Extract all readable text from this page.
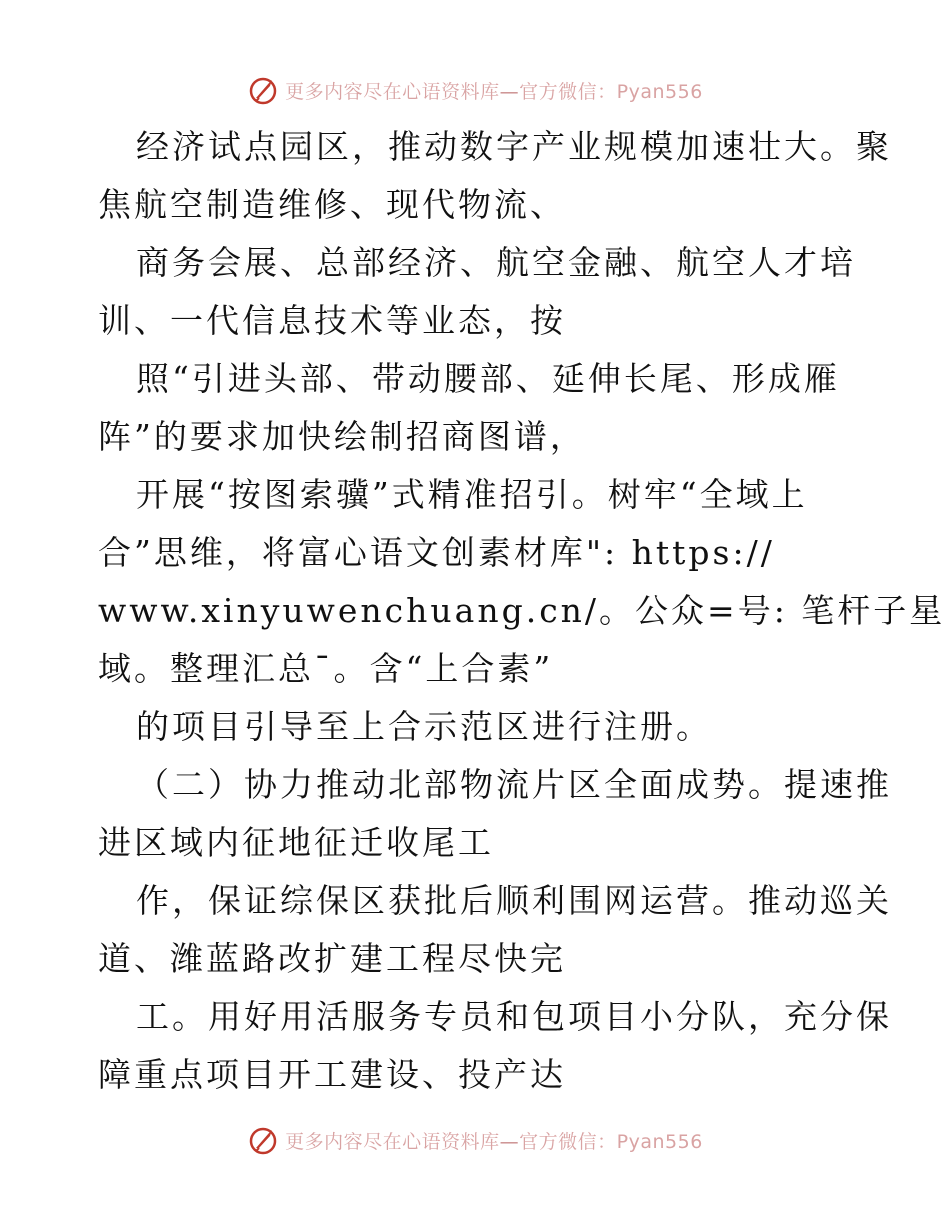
更多内容尽在心语资料库—官方微信：Pyan556
经济试点园区，推动数字产业规模加速壮大。聚
焦航空制造维修、现代物流、
商务会展、总部经济、航空金融、航空人才培
训、一代信息技术等业态，按
照“引进头部、带动腰部、延伸长尾、形成雁
阵”的要求加快绘制招商图谱，
开展“按图索骥”式精准招引。树牢“全域上
合”思维，将富心语文创素材库": https://
www.xinyuwenchuang.cn/。公众=号: 笔杆子星
域。整理汇总¯。含“上合素”
的项目引导至上合示范区进行注册。
（二）协力推动北部物流片区全面成势。提速推
进区域内征地征迁收尾工
作，保证综保区获批后顺利围网运营。推动巡关
道、潍蓝路改扩建工程尽快完
工。用好用活服务专员和包项目小分队，充分保
障重点项目开工建设、投产达
更多内容尽在心语资料库—官方微信：Pyan556
